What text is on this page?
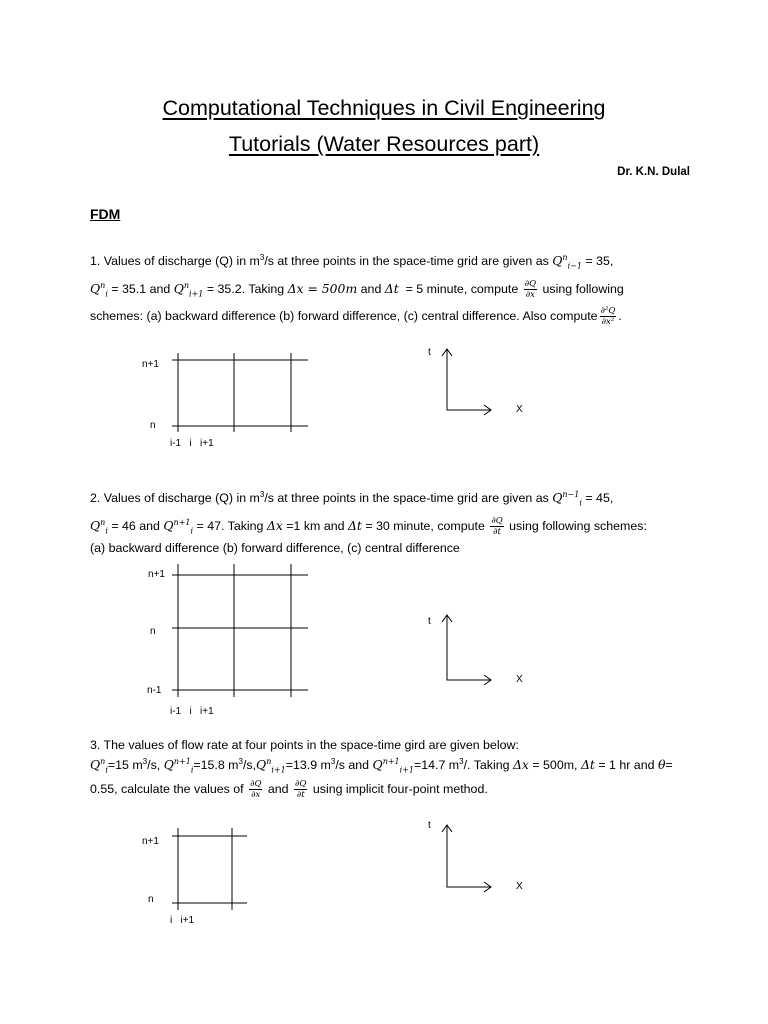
Computational Techniques in Civil Engineering
Tutorials (Water Resources part)
Dr. K.N. Dulal
FDM
1. Values of discharge (Q) in $m^3/s$ at three points in the space-time grid are given as $Q^n_{i-1} = 35$,
$Q^n_i = 35.1$ and $Q^n_{i+1} = 35.2$. Taking Δx = 500m and Δt = 5 minute, compute $\frac{\partial Q}{\partial x}$ using following
schemes: (a) backward difference (b) forward difference, (c) central difference. Also compute $\frac{\text{∂²Q}}{\text{∂x²}}$ .
2. Values of discharge (Q) in $m^3/s$ at three points in the space-time grid are given as $Q^{n-1}_i = 45$,
$Q^n_i = 46$ and $Q^{n+1}_i = 47$. Taking Δx =1 km and Δt = 30 minute, compute $\frac{\partial Q}{\partial t}$ using following schemes:
(a) backward difference (b) forward difference, (c) central difference
3. The values of flow rate at four points in the space-time gird are given below:
$Q^n_i=15$ $m^3/s$, $Q^{n+1}_i=15.8$ $m^3/s,Q^n_{i+1}=13.9$ $m^3/s$ and $Q^{n+1}_{i+1}=14.7$ $m^3/$. Taking Δx = 500m, Δt = 1 hr and θ=
0.55, calculate the values of $\frac{\partial Q}{\partial x}$ and $\frac{\partial Q}{\partial t}$ using implicit four-point method.
n+1
n
i-1   i   i+1
n+1
n
n-1
i-1   i   i+1
n+1
n
i   i+1
t
X
t
X
t
X
